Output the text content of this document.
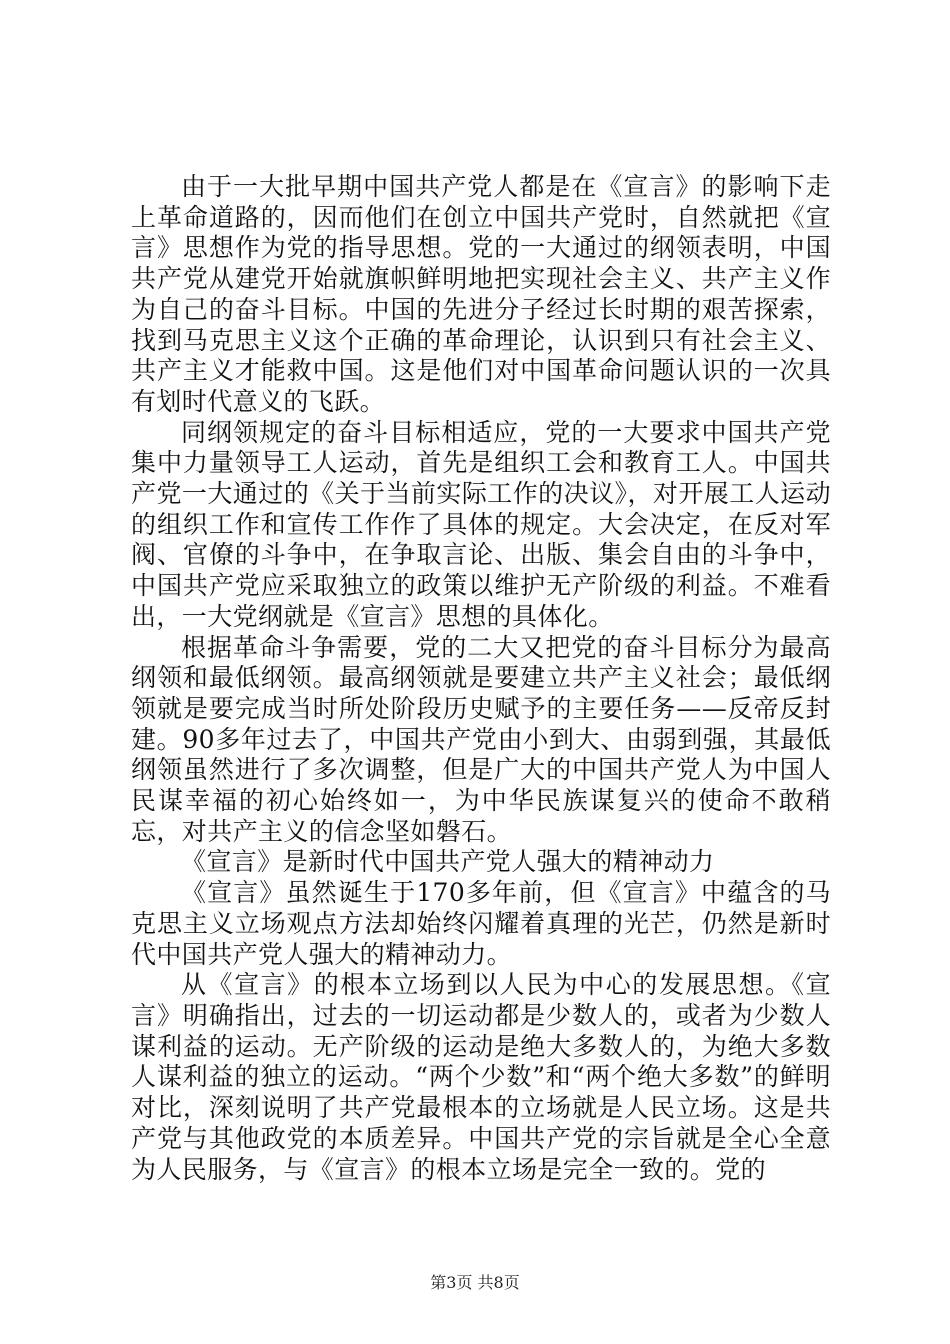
由于一大批早期中国共产党人都是在《宣言》的影响下走上革命道路的，因而他们在创立中国共产党时，自然就把《宣言》思想作为党的指导思想。党的一大通过的纲领表明，中国共产党从建党开始就旗帜鲜明地把实现社会主义、共产主义作为自己的奋斗目标。中国的先进分子经过长时期的艰苦探索，找到马克思主义这个正确的革命理论，认识到只有社会主义、共产主义才能救中国。这是他们对中国革命问题认识的一次具有划时代意义的飞跃。

同纲领规定的奋斗目标相适应，党的一大要求中国共产党集中力量领导工人运动，首先是组织工会和教育工人。中国共产党一大通过的《关于当前实际工作的决议》，对开展工人运动的组织工作和宣传工作作了具体的规定。大会决定，在反对军阀、官僚的斗争中，在争取言论、出版、集会自由的斗争中，中国共产党应采取独立的政策以维护无产阶级的利益。不难看出，一大党纲就是《宣言》思想的具体化。

根据革命斗争需要，党的二大又把党的奋斗目标分为最高纲领和最低纲领。最高纲领就是要建立共产主义社会；最低纲领就是要完成当时所处阶段历史赋予的主要任务——反帝反封建。90多年过去了，中国共产党由小到大、由弱到强，其最低纲领虽然进行了多次调整，但是广大的中国共产党人为中国人民谋幸福的初心始终如一，为中华民族谋复兴的使命不敢稍忘，对共产主义的信念坚如磐石。

《宣言》是新时代中国共产党人强大的精神动力

《宣言》虽然诞生于170多年前，但《宣言》中蕴含的马克思主义立场观点方法却始终闪耀着真理的光芒，仍然是新时代中国共产党人强大的精神动力。

从《宣言》的根本立场到以人民为中心的发展思想。《宣言》明确指出，过去的一切运动都是少数人的，或者为少数人谋利益的运动。无产阶级的运动是绝大多数人的，为绝大多数人谋利益的独立的运动。“两个少数”和“两个绝大多数”的鲜明对比，深刻说明了共产党最根本的立场就是人民立场。这是共产党与其他政党的本质差异。中国共产党的宗旨就是全心全意为人民服务，与《宣言》的根本立场是完全一致的。党的

第3页 共8页
